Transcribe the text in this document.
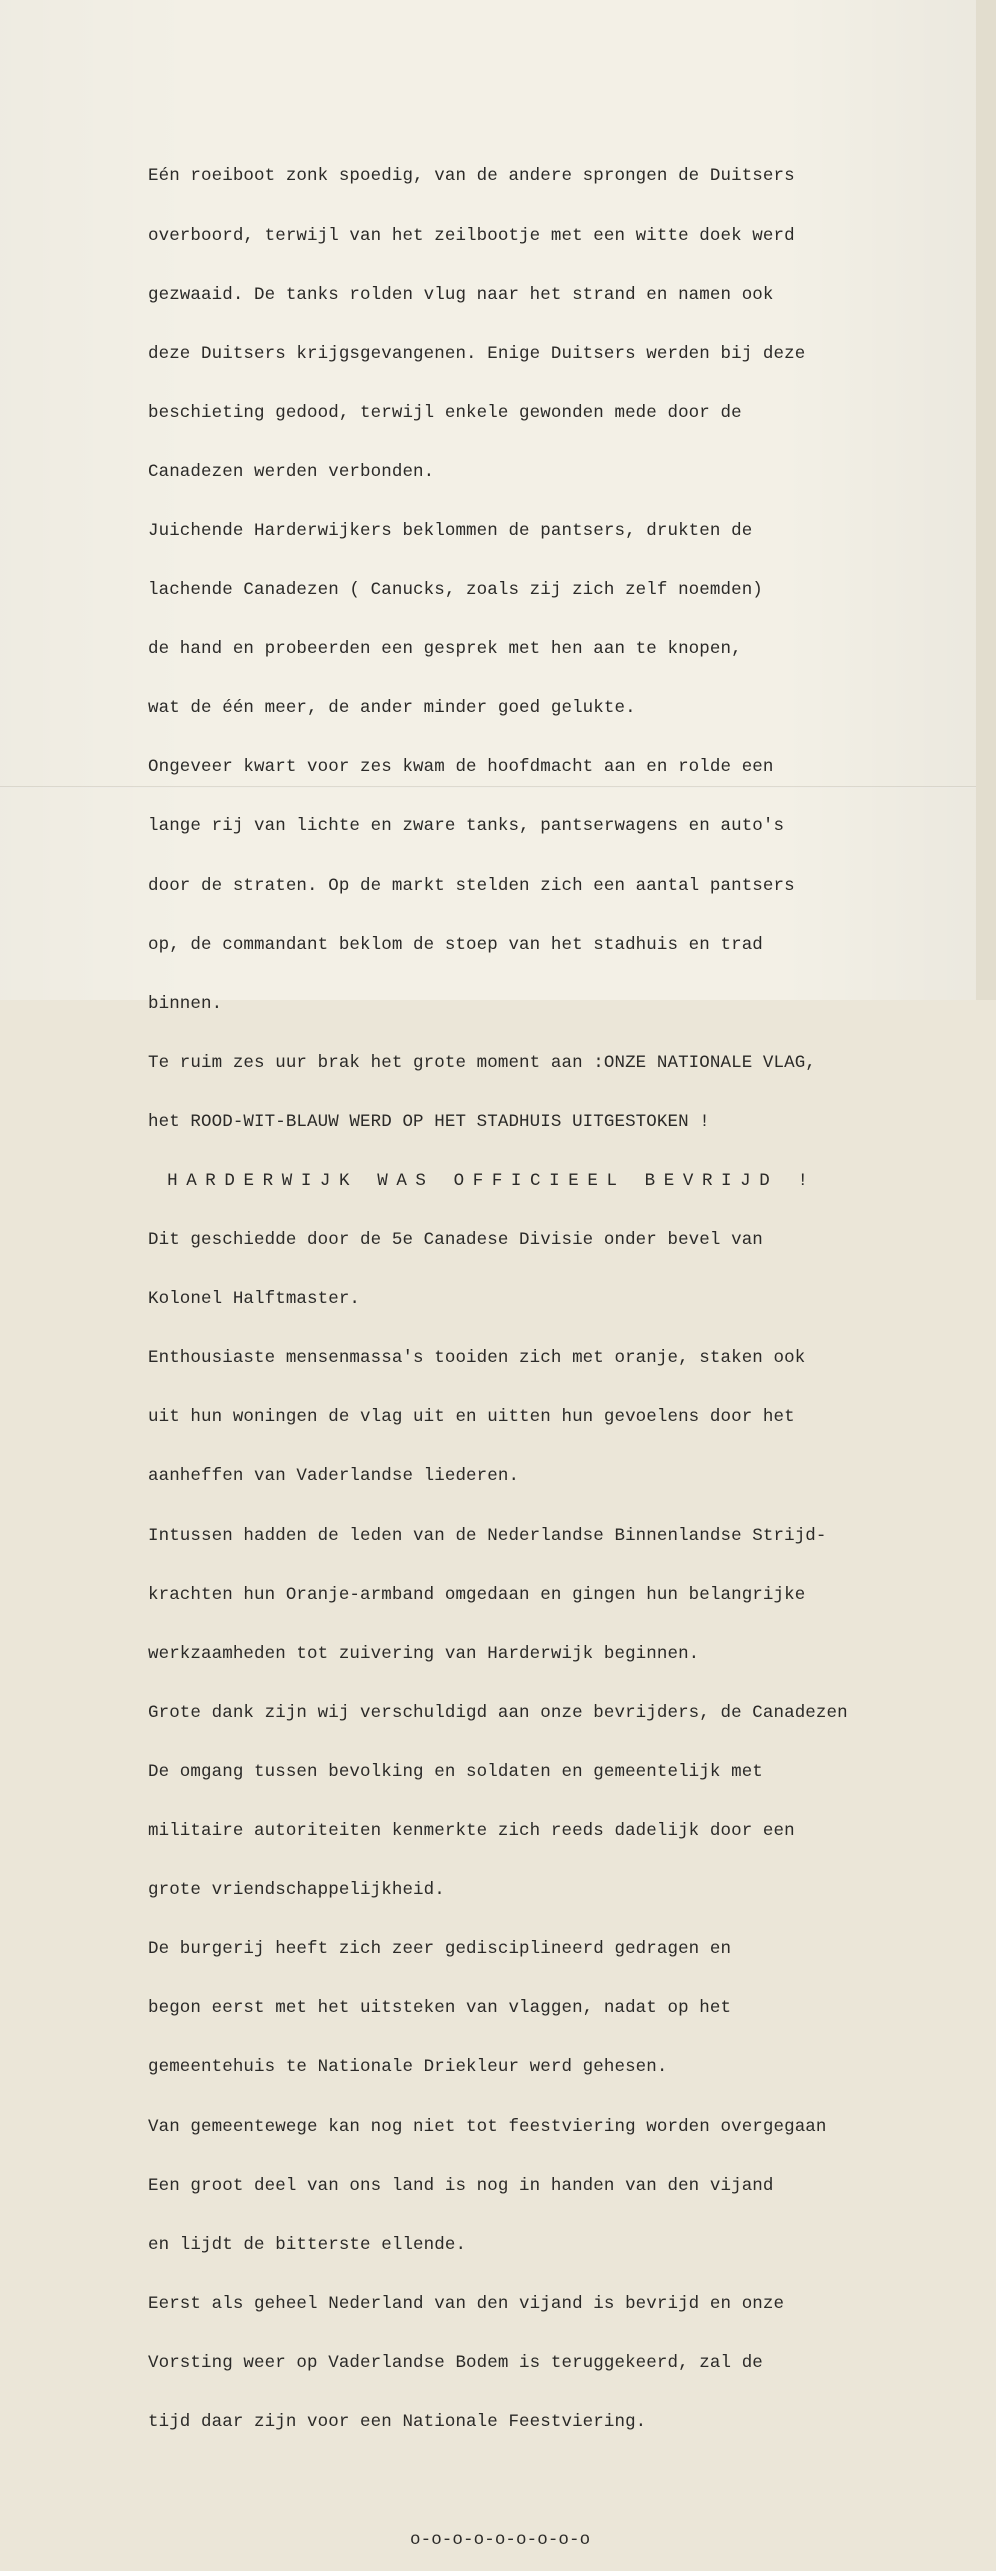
Eén roeiboot zonk spoedig, van de andere sprongen de Duitsers

overboord, terwijl van het zeilbootje met een witte doek werd

gezwaaid. De tanks rolden vlug naar het strand en namen ook

deze Duitsers krijgsgevangenen. Enige Duitsers werden bij deze

beschieting gedood, terwijl enkele gewonden mede door de

Canadezen werden verbonden.

Juichende Harderwijkers beklommen de pantsers, drukten de

lachende Canadezen ( Canucks, zoals zij zich zelf noemden)

de hand en probeerden een gesprek met hen aan te knopen,

wat de één meer, de ander minder goed gelukte.

Ongeveer kwart voor zes kwam de hoofdmacht aan en rolde een

lange rij van lichte en zware tanks, pantserwagens en auto's

door de straten. Op de markt stelden zich een aantal pantsers

op, de commandant beklom de stoep van het stadhuis en trad

binnen.

Te ruim zes uur brak het grote moment aan :ONZE NATIONALE VLAG,

het ROOD-WIT-BLAUW WERD OP HET STADHUIS UITGESTOKEN !

HARDERWIJK WAS OFFICIEEL BEVRIJD !

Dit geschiedde door de 5e Canadese Divisie onder bevel van

Kolonel Halftmaster.

Enthousiaste mensenmassa's tooiden zich met oranje, staken ook

uit hun woningen de vlag uit en uitten hun gevoelens door het

aanheffen van Vaderlandse liederen.

Intussen hadden de leden van de Nederlandse Binnenlandse Strijd-

krachten hun Oranje-armband omgedaan en gingen hun belangrijke

werkzaamheden tot zuivering van Harderwijk beginnen.

Grote dank zijn wij verschuldigd aan onze bevrijders, de Canadezen

De omgang tussen bevolking en soldaten en gemeentelijk met

militaire autoriteiten kenmerkte zich reeds dadelijk door een

grote vriendschappelijkheid.

De burgerij heeft zich zeer gedisciplineerd gedragen en

begon eerst met het uitsteken van vlaggen, nadat op het

gemeentehuis te Nationale Driekleur werd gehesen.

Van gemeentewege kan nog niet tot feestviering worden overgegaan

Een groot deel van ons land is nog in handen van den vijand

en lijdt de bitterste ellende.

Eerst als geheel Nederland van den vijand is bevrijd en onze

Vorsting weer op Vaderlandse Bodem is teruggekeerd, zal de

tijd daar zijn voor een Nationale Feestviering.

o-o-o-o-o-o-o-o-o
